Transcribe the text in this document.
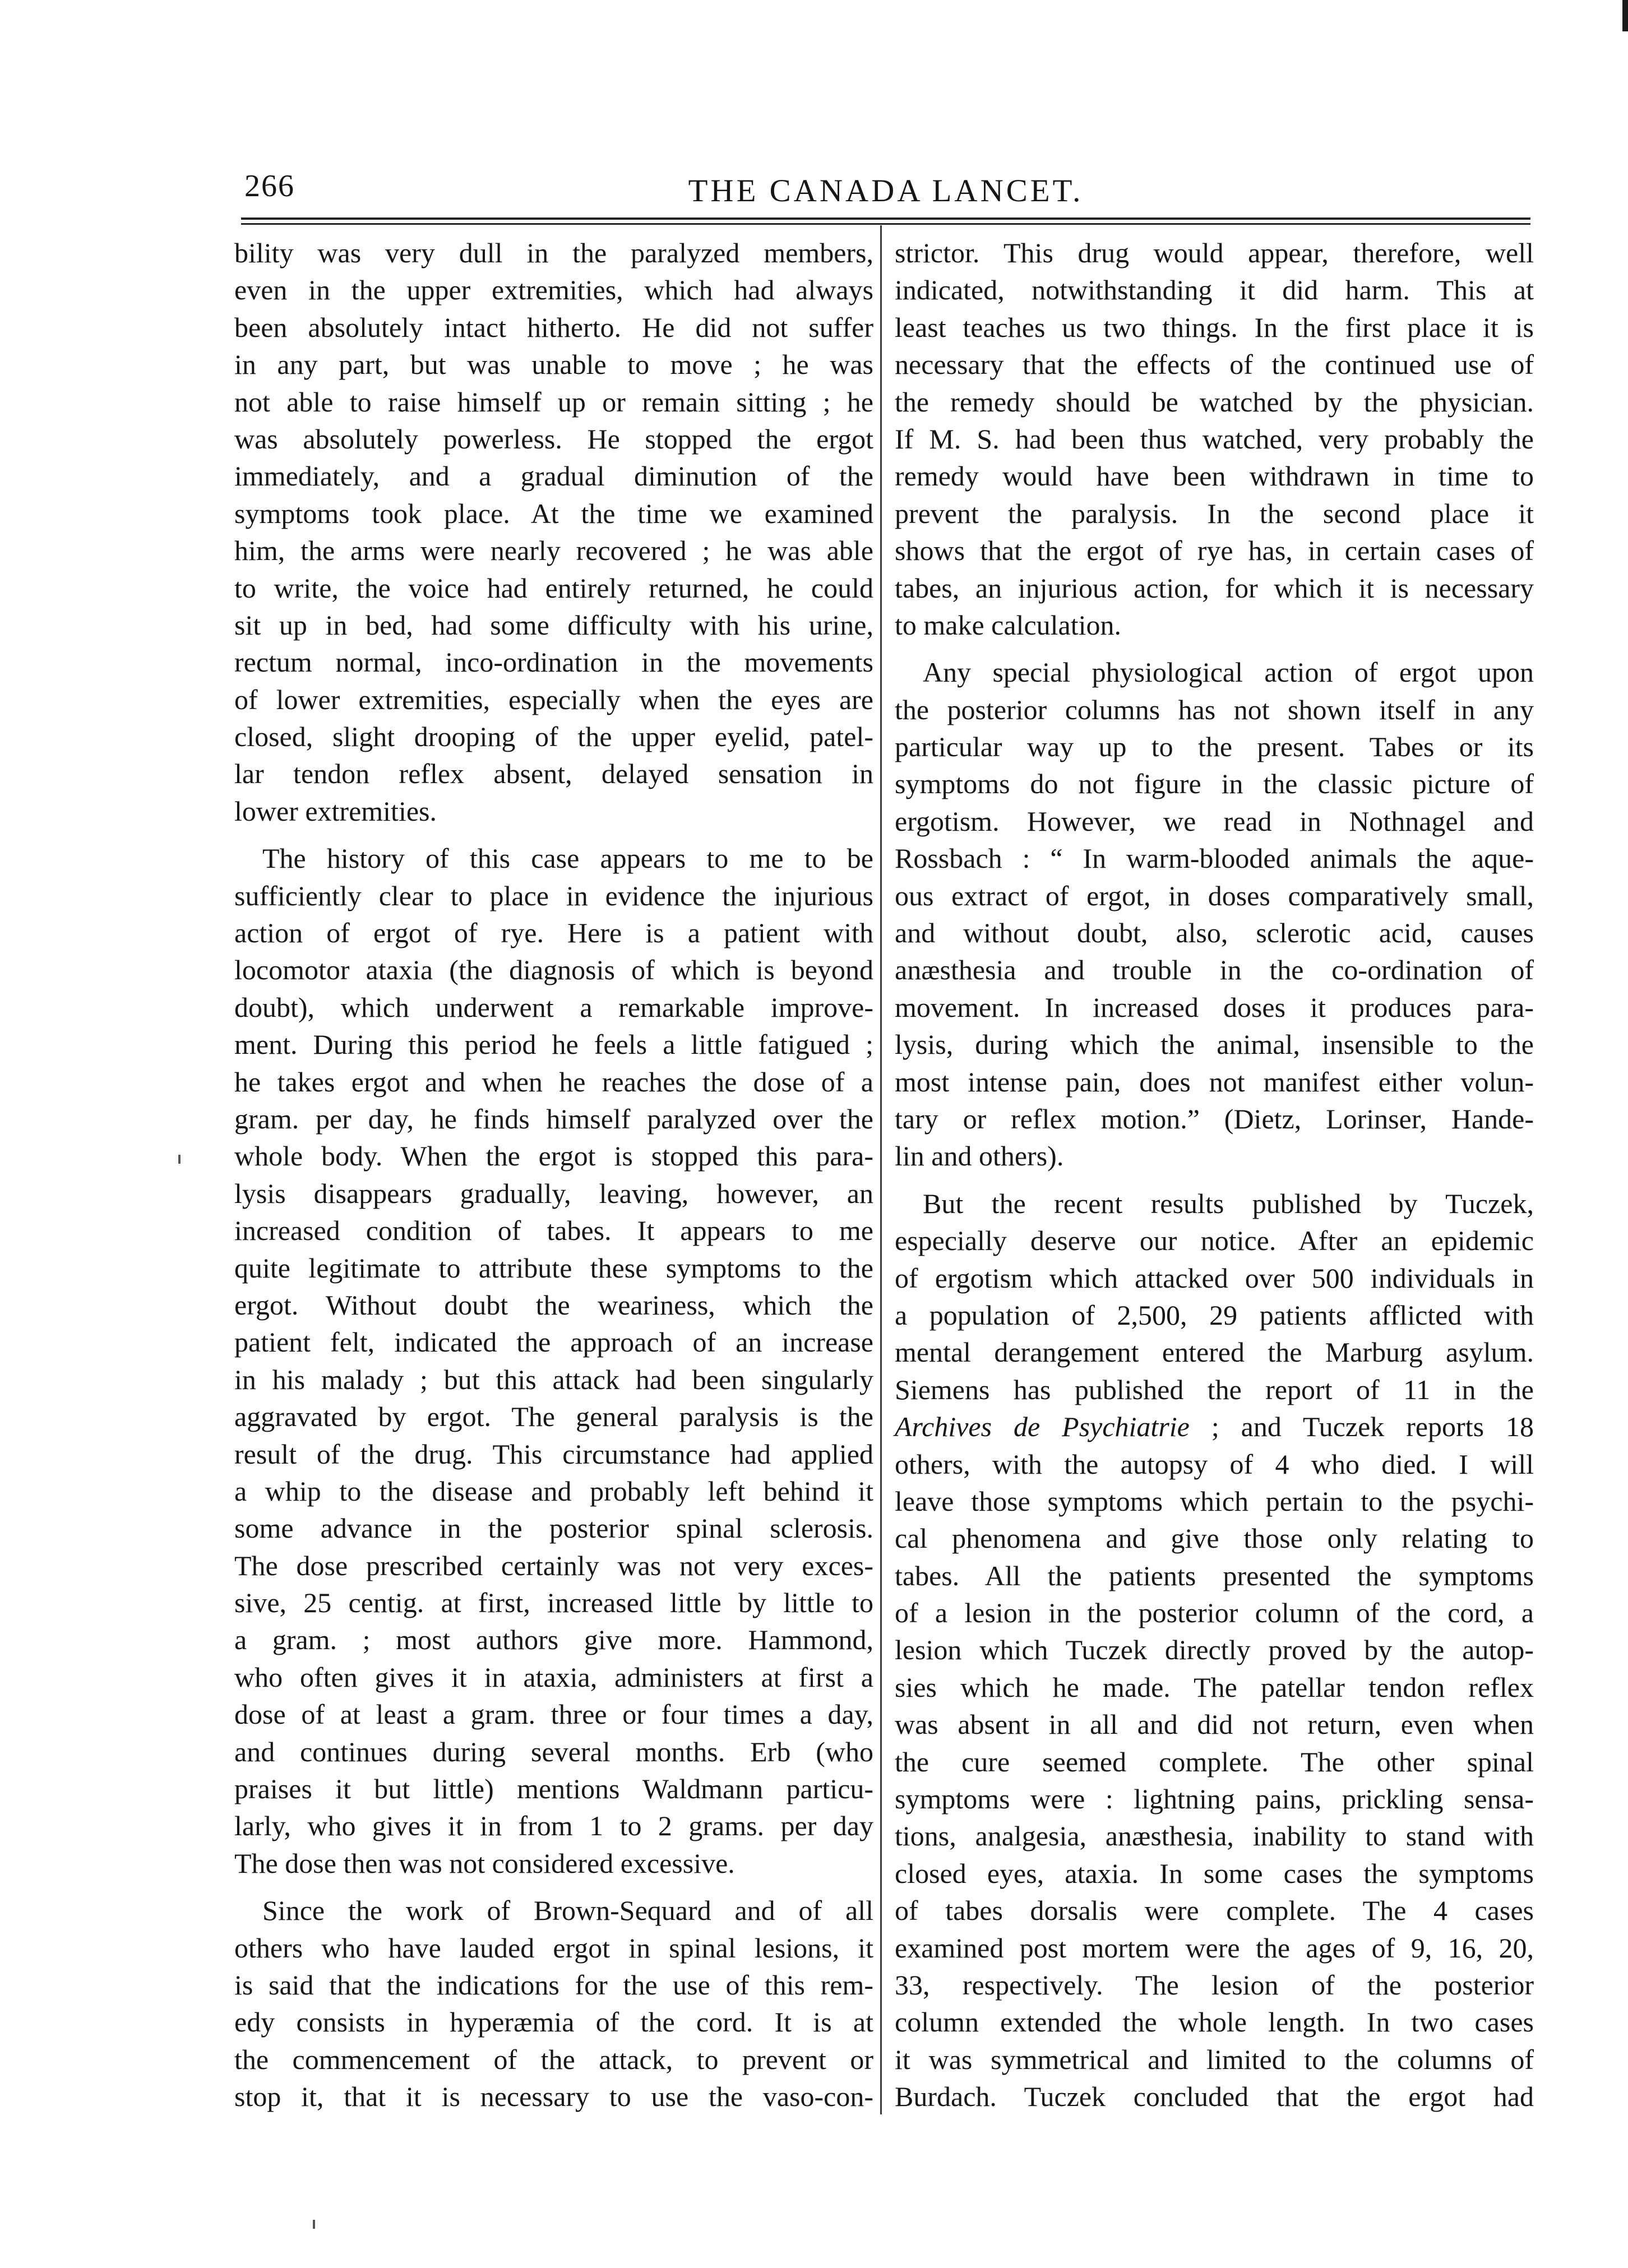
266	THE CANADA LANCET.
bility was very dull in the paralyzed members,
even in the upper extremities, which had always
been absolutely intact hitherto. He did not suffer
in any part, but was unable to move ; he was
not able to raise himself up or remain sitting ; he
was absolutely powerless. He stopped the ergot
immediately, and a gradual diminution of the
symptoms took place. At the time we examined
him, the arms were nearly recovered ; he was able
to write, the voice had entirely returned, he could
sit up in bed, had some difficulty with his urine,
rectum normal, inco-ordination in the movements
of lower extremities, especially when the eyes are
closed, slight drooping of the upper eyelid, patel-
lar tendon reflex absent, delayed sensation in
lower extremities.
The history of this case appears to me to be
sufficiently clear to place in evidence the injurious
action of ergot of rye. Here is a patient with
locomotor ataxia (the diagnosis of which is beyond
doubt), which underwent a remarkable improve-
ment. During this period he feels a little fatigued ;
he takes ergot and when he reaches the dose of a
gram. per day, he finds himself paralyzed over the
whole body. When the ergot is stopped this para-
lysis disappears gradually, leaving, however, an
increased condition of tabes. It appears to me
quite legitimate to attribute these symptoms to the
ergot. Without doubt the weariness, which the
patient felt, indicated the approach of an increase
in his malady ; but this attack had been singularly
aggravated by ergot. The general paralysis is the
result of the drug. This circumstance had applied
a whip to the disease and probably left behind it
some advance in the posterior spinal sclerosis.
The dose prescribed certainly was not very exces-
sive, 25 centig. at first, increased little by little to
a gram. ; most authors give more. Hammond,
who often gives it in ataxia, administers at first a
dose of at least a gram. three or four times a day,
and continues during several months. Erb (who
praises it but little) mentions Waldmann particu-
larly, who gives it in from 1 to 2 grams. per day
The dose then was not considered excessive.
Since the work of Brown-Sequard and of all
others who have lauded ergot in spinal lesions, it
is said that the indications for the use of this rem-
edy consists in hyperæmia of the cord. It is at
the commencement of the attack, to prevent or
stop it, that it is necessary to use the vaso-con-
strictor. This drug would appear, therefore, well
indicated, notwithstanding it did harm. This at
least teaches us two things. In the first place it is
necessary that the effects of the continued use of
the remedy should be watched by the physician.
If M. S. had been thus watched, very probably the
remedy would have been withdrawn in time to
prevent the paralysis. In the second place it
shows that the ergot of rye has, in certain cases of
tabes, an injurious action, for which it is necessary
to make calculation.
Any special physiological action of ergot upon
the posterior columns has not shown itself in any
particular way up to the present. Tabes or its
symptoms do not figure in the classic picture of
ergotism. However, we read in Nothnagel and
Rossbach : “ In warm-blooded animals the aque-
ous extract of ergot, in doses comparatively small,
and without doubt, also, sclerotic acid, causes
anæsthesia and trouble in the co-ordination of
movement. In increased doses it produces para-
lysis, during which the animal, insensible to the
most intense pain, does not manifest either volun-
tary or reflex motion.” (Dietz, Lorinser, Hande-
lin and others).
But the recent results published by Tuczek,
especially deserve our notice. After an epidemic
of ergotism which attacked over 500 individuals in
a population of 2,500, 29 patients afflicted with
mental derangement entered the Marburg asylum.
Siemens has published the report of 11 in the
Archives de Psychiatrie ; and Tuczek reports 18
others, with the autopsy of 4 who died. I will
leave those symptoms which pertain to the psychi-
cal phenomena and give those only relating to
tabes. All the patients presented the symptoms
of a lesion in the posterior column of the cord, a
lesion which Tuczek directly proved by the autop-
sies which he made. The patellar tendon reflex
was absent in all and did not return, even when
the cure seemed complete. The other spinal
symptoms were : lightning pains, prickling sensa-
tions, analgesia, anæsthesia, inability to stand with
closed eyes, ataxia. In some cases the symptoms
of tabes dorsalis were complete. The 4 cases
examined post mortem were the ages of 9, 16, 20,
33, respectively. The lesion of the posterior
column extended the whole length. In two cases
it was symmetrical and limited to the columns of
Burdach. Tuczek concluded that the ergot had
